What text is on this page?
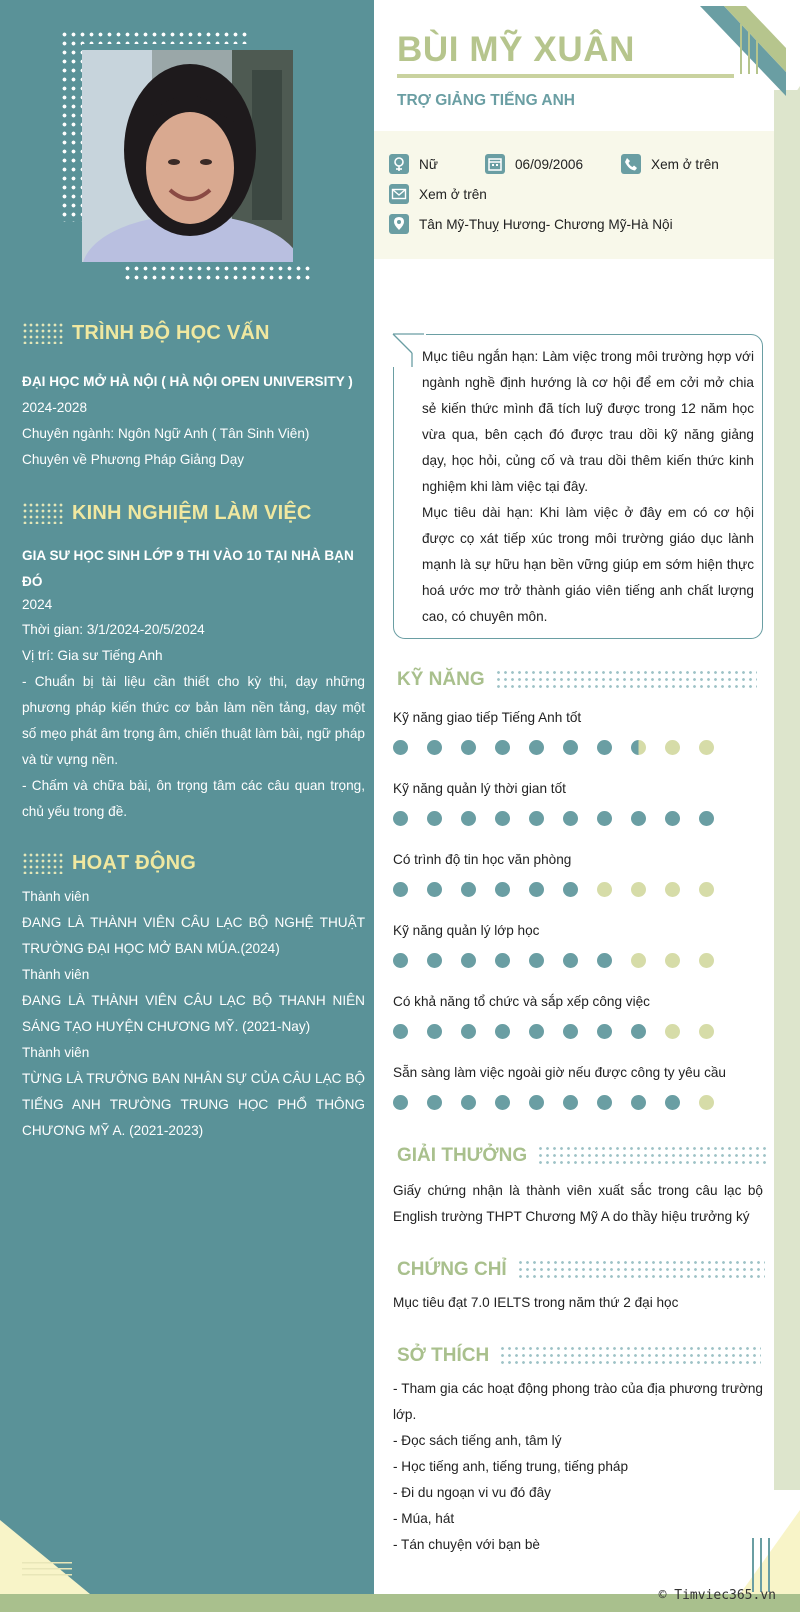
TRÌNH ĐỘ HỌC VẤN
ĐẠI HỌC MỞ HÀ NỘI ( HÀ NỘI OPEN UNIVERSITY )
2024-2028
Chuyên ngành: Ngôn Ngữ Anh ( Tân Sinh Viên)
Chuyên về Phương Pháp Giảng Dạy
KINH NGHIỆM LÀM VIỆC
GIA SƯ HỌC SINH LỚP 9 THI VÀO 10 TẠI NHÀ BẠN ĐÓ
2024
Thời gian: 3/1/2024-20/5/2024
Vị trí: Gia sư Tiếng Anh
- Chuẩn bị tài liệu cần thiết cho kỳ thi, dạy những phương pháp kiến thức cơ bản làm nền tảng, dạy một số mẹo phát âm trọng âm, chiến thuật làm bài, ngữ pháp và từ vựng nền.
- Chấm và chữa bài, ôn trọng tâm các câu quan trọng, chủ yếu trong đề.
HOẠT ĐỘNG
Thành viên
ĐANG LÀ THÀNH VIÊN CÂU LẠC BỘ NGHỆ THUẬT TRƯỜNG ĐẠI HỌC MỞ BAN MÚA.(2024)
Thành viên
ĐANG LÀ THÀNH VIÊN CÂU LẠC BỘ THANH NIÊN SÁNG TẠO HUYỆN CHƯƠNG MỸ. (2021-Nay)
Thành viên
TỪNG LÀ TRƯỞNG BAN NHÂN SỰ CỦA CÂU LẠC BỘ TIẾNG ANH TRƯỜNG TRUNG HỌC PHỔ THÔNG CHƯƠNG MỸ A. (2021-2023)
BÙI MỸ XUÂN
TRỢ GIẢNG TIẾNG ANH
Nữ	06/09/2006	Xem ở trên
Xem ở trên
Tân Mỹ-Thuỵ Hương- Chương Mỹ-Hà Nội
Mục tiêu ngắn hạn: Làm việc trong môi trường hợp với ngành nghề định hướng là cơ hội để em cởi mở chia sẻ kiến thức mình đã tích luỹ được trong 12 năm học vừa qua, bên cạch đó được trau dồi kỹ năng giảng dạy, học hỏi, củng cố và trau dồi thêm kiến thức kinh nghiệm khi làm việc tại đây.
Mục tiêu dài hạn: Khi làm việc ở đây em có cơ hội được cọ xát tiếp xúc trong môi trường giáo dục lành mạnh là sự hữu hạn bền vững giúp em sớm hiện thực hoá ước mơ trở thành giáo viên tiếng anh chất lượng cao, có chuyên môn.
KỸ NĂNG
Kỹ năng giao tiếp Tiếng Anh tốt
Kỹ năng quản lý thời gian tốt
Có trình độ tin học văn phòng
Kỹ năng quản lý lớp học
Có khả năng tổ chức và sắp xếp công việc
Sẵn sàng làm việc ngoài giờ nếu được công ty yêu cầu
GIẢI THƯỞNG
Giấy chứng nhận là thành viên xuất sắc trong câu lạc bộ English trường THPT Chương Mỹ A do thầy hiệu trưởng ký
CHỨNG CHỈ
Mục tiêu đạt 7.0 IELTS trong năm thứ 2 đại học
SỞ THÍCH
- Tham gia các hoạt động phong trào của địa phương trường lớp.
- Đọc sách tiếng anh, tâm lý
- Học tiếng anh, tiếng trung, tiếng pháp
- Đi du ngoạn vi vu đó đây
- Múa, hát
- Tán chuyện với bạn bè
© Timviec365.vn
